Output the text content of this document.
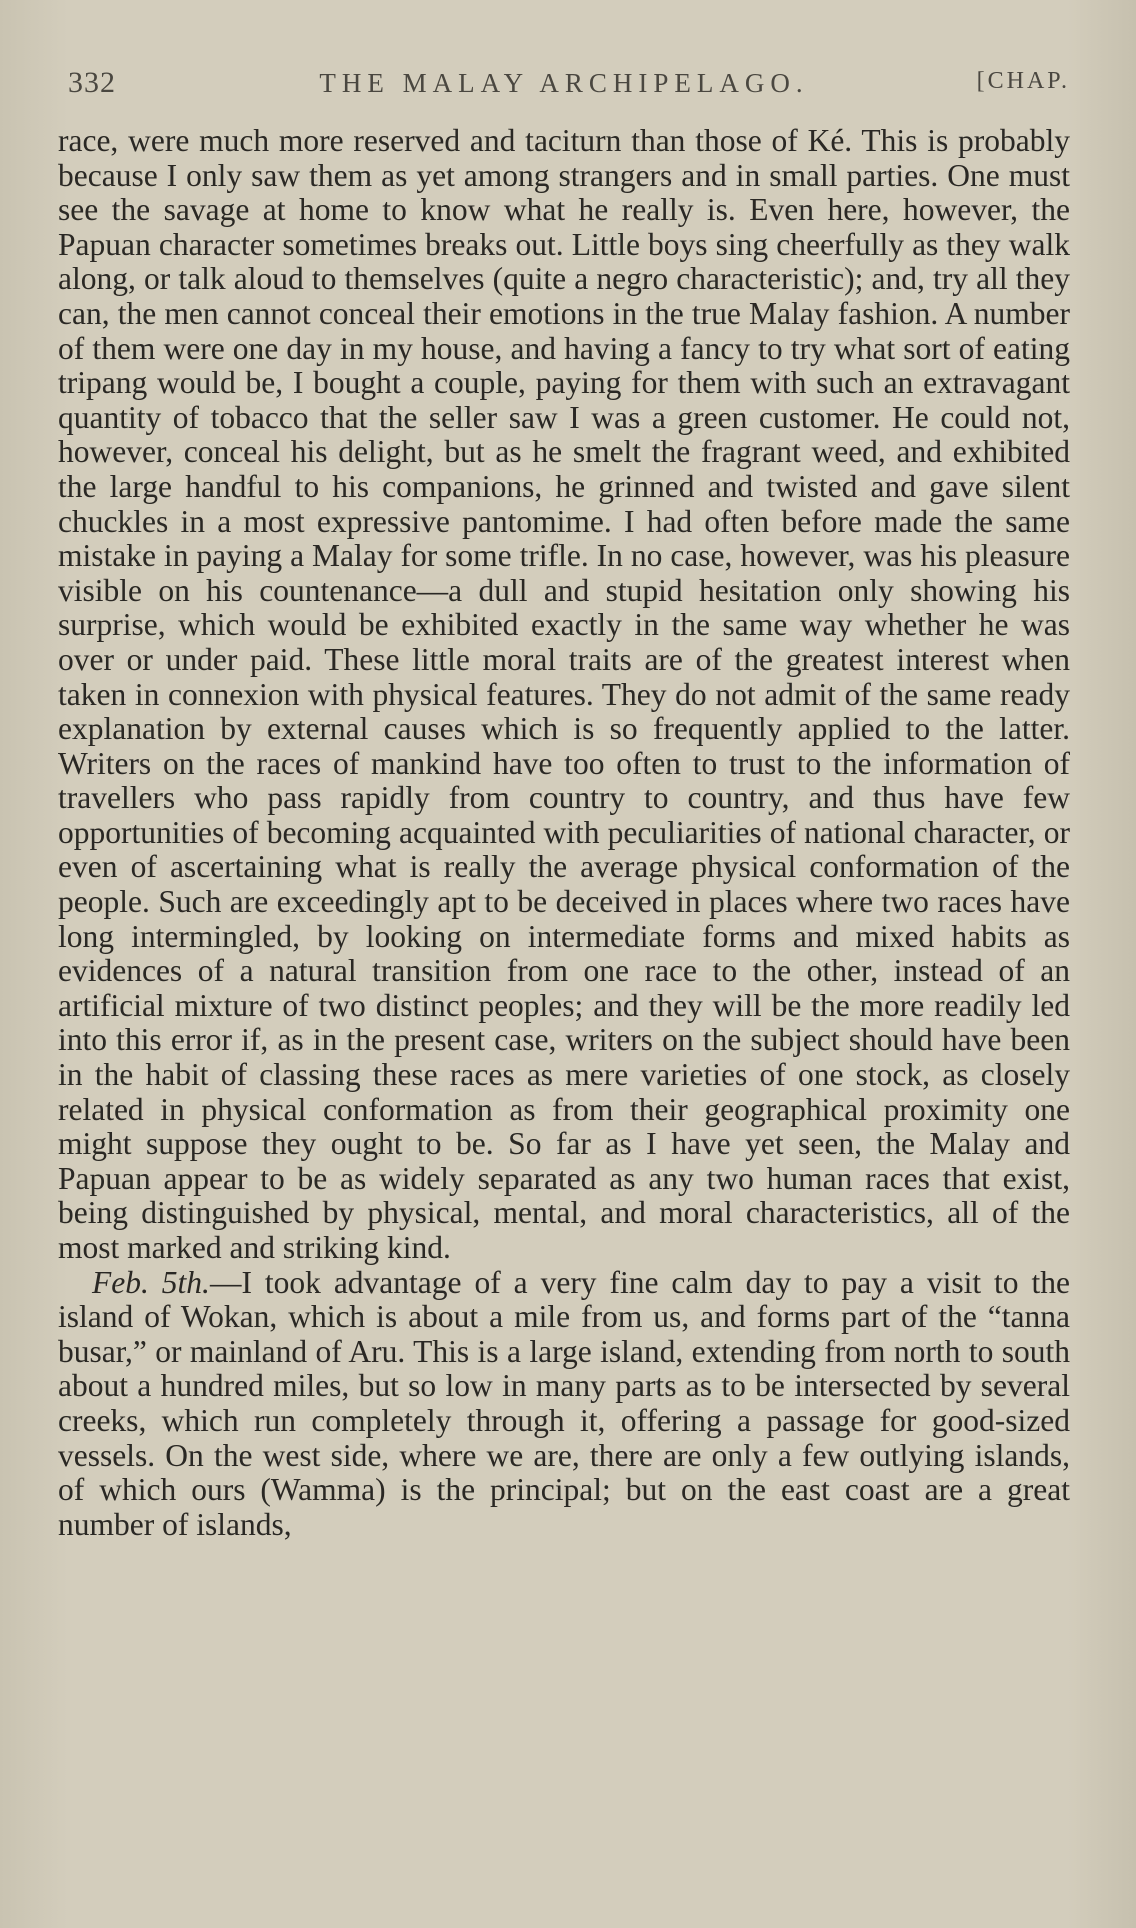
332	THE MALAY ARCHIPELAGO.	[CHAP.

race, were much more reserved and taciturn than those of Ké. This is probably because I only saw them as yet among strangers and in small parties. One must see the savage at home to know what he really is. Even here, however, the Papuan character sometimes breaks out. Little boys sing cheerfully as they walk along, or talk aloud to themselves (quite a negro characteristic); and, try all they can, the men cannot conceal their emotions in the true Malay fashion. A number of them were one day in my house, and having a fancy to try what sort of eating tripang would be, I bought a couple, paying for them with such an extravagant quantity of tobacco that the seller saw I was a green customer. He could not, however, conceal his delight, but as he smelt the fragrant weed, and exhibited the large handful to his companions, he grinned and twisted and gave silent chuckles in a most expressive pantomime. I had often before made the same mistake in paying a Malay for some trifle. In no case, however, was his pleasure visible on his countenance—a dull and stupid hesitation only showing his surprise, which would be exhibited exactly in the same way whether he was over or under paid. These little moral traits are of the greatest interest when taken in connexion with physical features. They do not admit of the same ready explanation by external causes which is so frequently applied to the latter. Writers on the races of mankind have too often to trust to the information of travellers who pass rapidly from country to country, and thus have few opportunities of becoming acquainted with peculiarities of national character, or even of ascertaining what is really the average physical conformation of the people. Such are exceedingly apt to be deceived in places where two races have long intermingled, by looking on intermediate forms and mixed habits as evidences of a natural transition from one race to the other, instead of an artificial mixture of two distinct peoples; and they will be the more readily led into this error if, as in the present case, writers on the subject should have been in the habit of classing these races as mere varieties of one stock, as closely related in physical conformation as from their geographical proximity one might suppose they ought to be. So far as I have yet seen, the Malay and Papuan appear to be as widely separated as any two human races that exist, being distinguished by physical, mental, and moral characteristics, all of the most marked and striking kind.

Feb. 5th.—I took advantage of a very fine calm day to pay a visit to the island of Wokan, which is about a mile from us, and forms part of the “tanna busar,” or mainland of Aru. This is a large island, extending from north to south about a hundred miles, but so low in many parts as to be intersected by several creeks, which run completely through it, offering a passage for good-sized vessels. On the west side, where we are, there are only a few outlying islands, of which ours (Wamma) is the principal; but on the east coast are a great number of islands,
